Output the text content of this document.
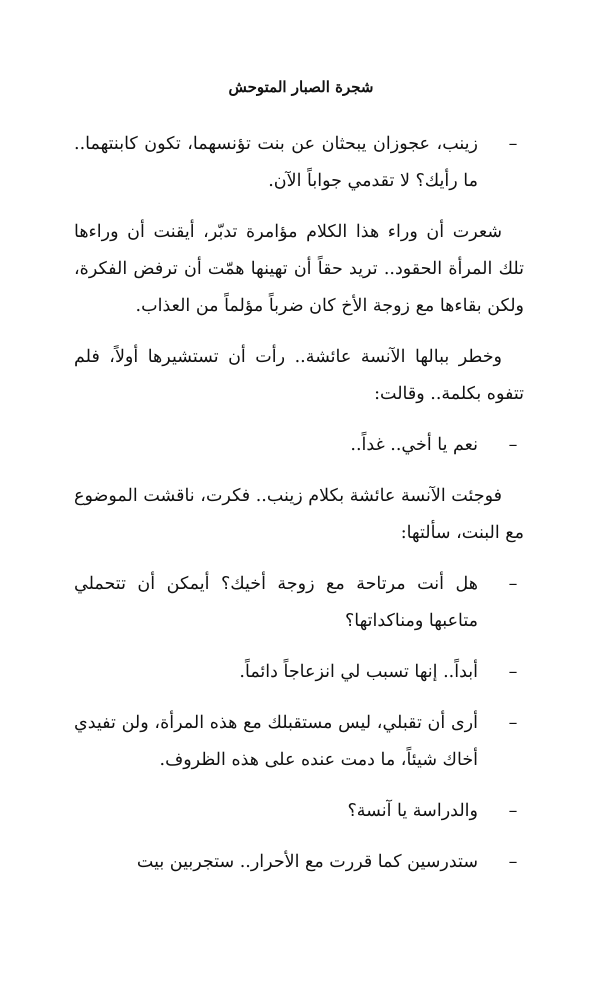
شجرة الصبار المتوحش
–
زينب، عجوزان يبحثان عن بنت تؤنسهما، تكون كابنتهما.. ما رأيك؟ لا تقدمي جواباً الآن.

شعرت أن وراء هذا الكلام مؤامرة تدبّر، أيقنت أن وراءها تلك المرأة الحقود.. تريد حقاً أن تهينها همّت أن ترفض الفكرة، ولكن بقاءها مع زوجة الأخ كان ضرباً مؤلماً من العذاب.

وخطر ببالها الآنسة عائشة.. رأت أن تستشيرها أولاً، فلم تتفوه بكلمة.. وقالت:

–
نعم يا أخي.. غداً..

فوجئت الآنسة عائشة بكلام زينب.. فكرت، ناقشت الموضوع مع البنت، سألتها:

–
هل أنت مرتاحة مع زوجة أخيك؟ أيمكن أن تتحملي متاعبها ومناكداتها؟
–
أبداً.. إنها تسبب لي انزعاجاً دائماً.
–
أرى أن تقبلي، ليس مستقبلك مع هذه المرأة، ولن تفيدي أخاك شيئاً، ما دمت عنده على هذه الظروف.
–
والدراسة يا آنسة؟
–
ستدرسين كما قررت مع الأحرار.. ستجربين بيت
